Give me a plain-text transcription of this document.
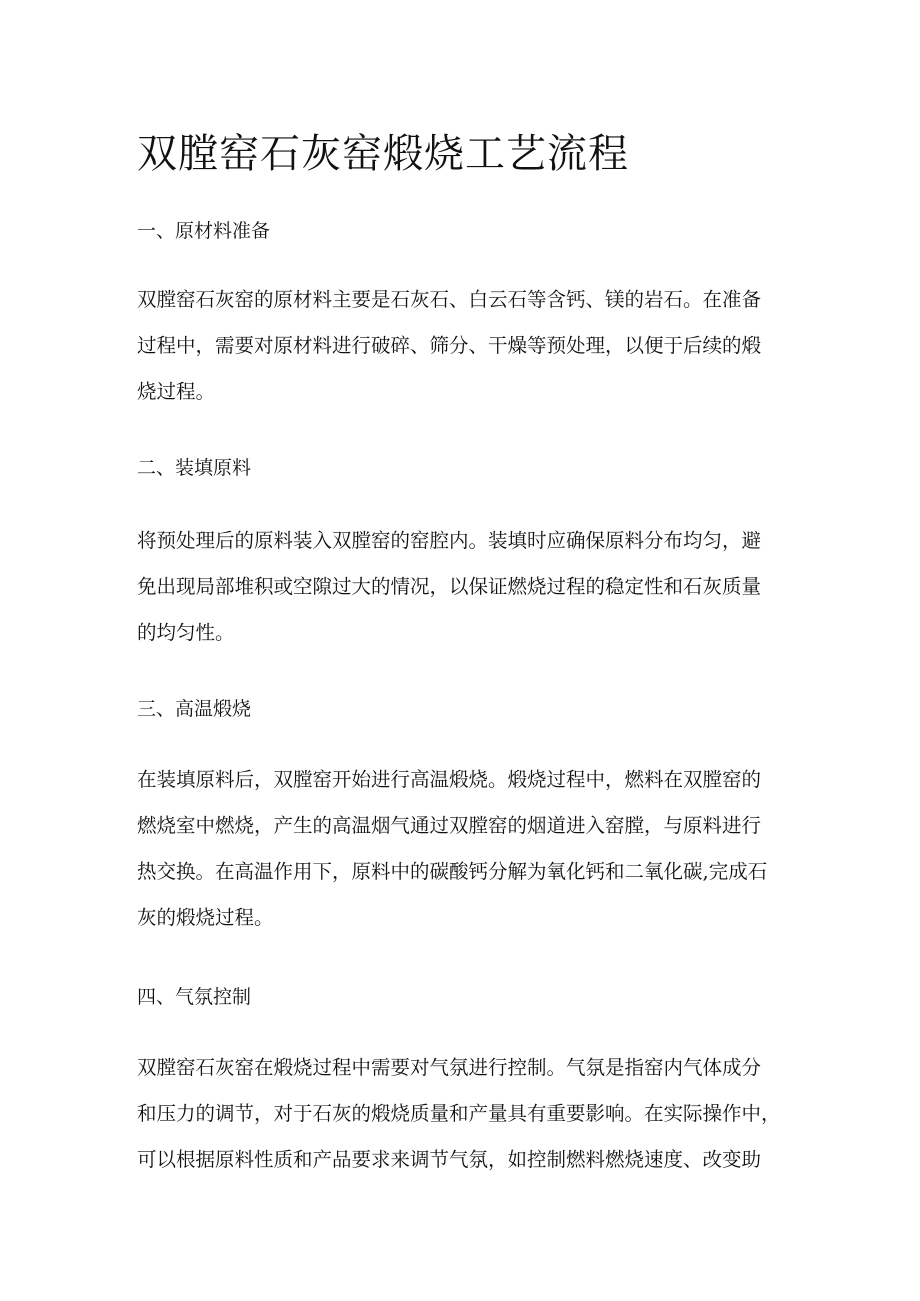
双膛窑石灰窑煅烧工艺流程
一、原材料准备
双膛窑石灰窑的原材料主要是石灰石、白云石等含钙、镁的岩石。在准备
过程中，需要对原材料进行破碎、筛分、干燥等预处理，以便于后续的煅
烧过程。
二、装填原料
将预处理后的原料装入双膛窑的窑腔内。装填时应确保原料分布均匀，避
免出现局部堆积或空隙过大的情况，以保证燃烧过程的稳定性和石灰质量
的均匀性。
三、高温煅烧
在装填原料后，双膛窑开始进行高温煅烧。煅烧过程中，燃料在双膛窑的
燃烧室中燃烧，产生的高温烟气通过双膛窑的烟道进入窑膛，与原料进行
热交换。在高温作用下，原料中的碳酸钙分解为氧化钙和二氧化碳,完成石
灰的煅烧过程。
四、气氛控制
双膛窑石灰窑在煅烧过程中需要对气氛进行控制。气氛是指窑内气体成分
和压力的调节，对于石灰的煅烧质量和产量具有重要影响。在实际操作中，
可以根据原料性质和产品要求来调节气氛，如控制燃料燃烧速度、改变助
